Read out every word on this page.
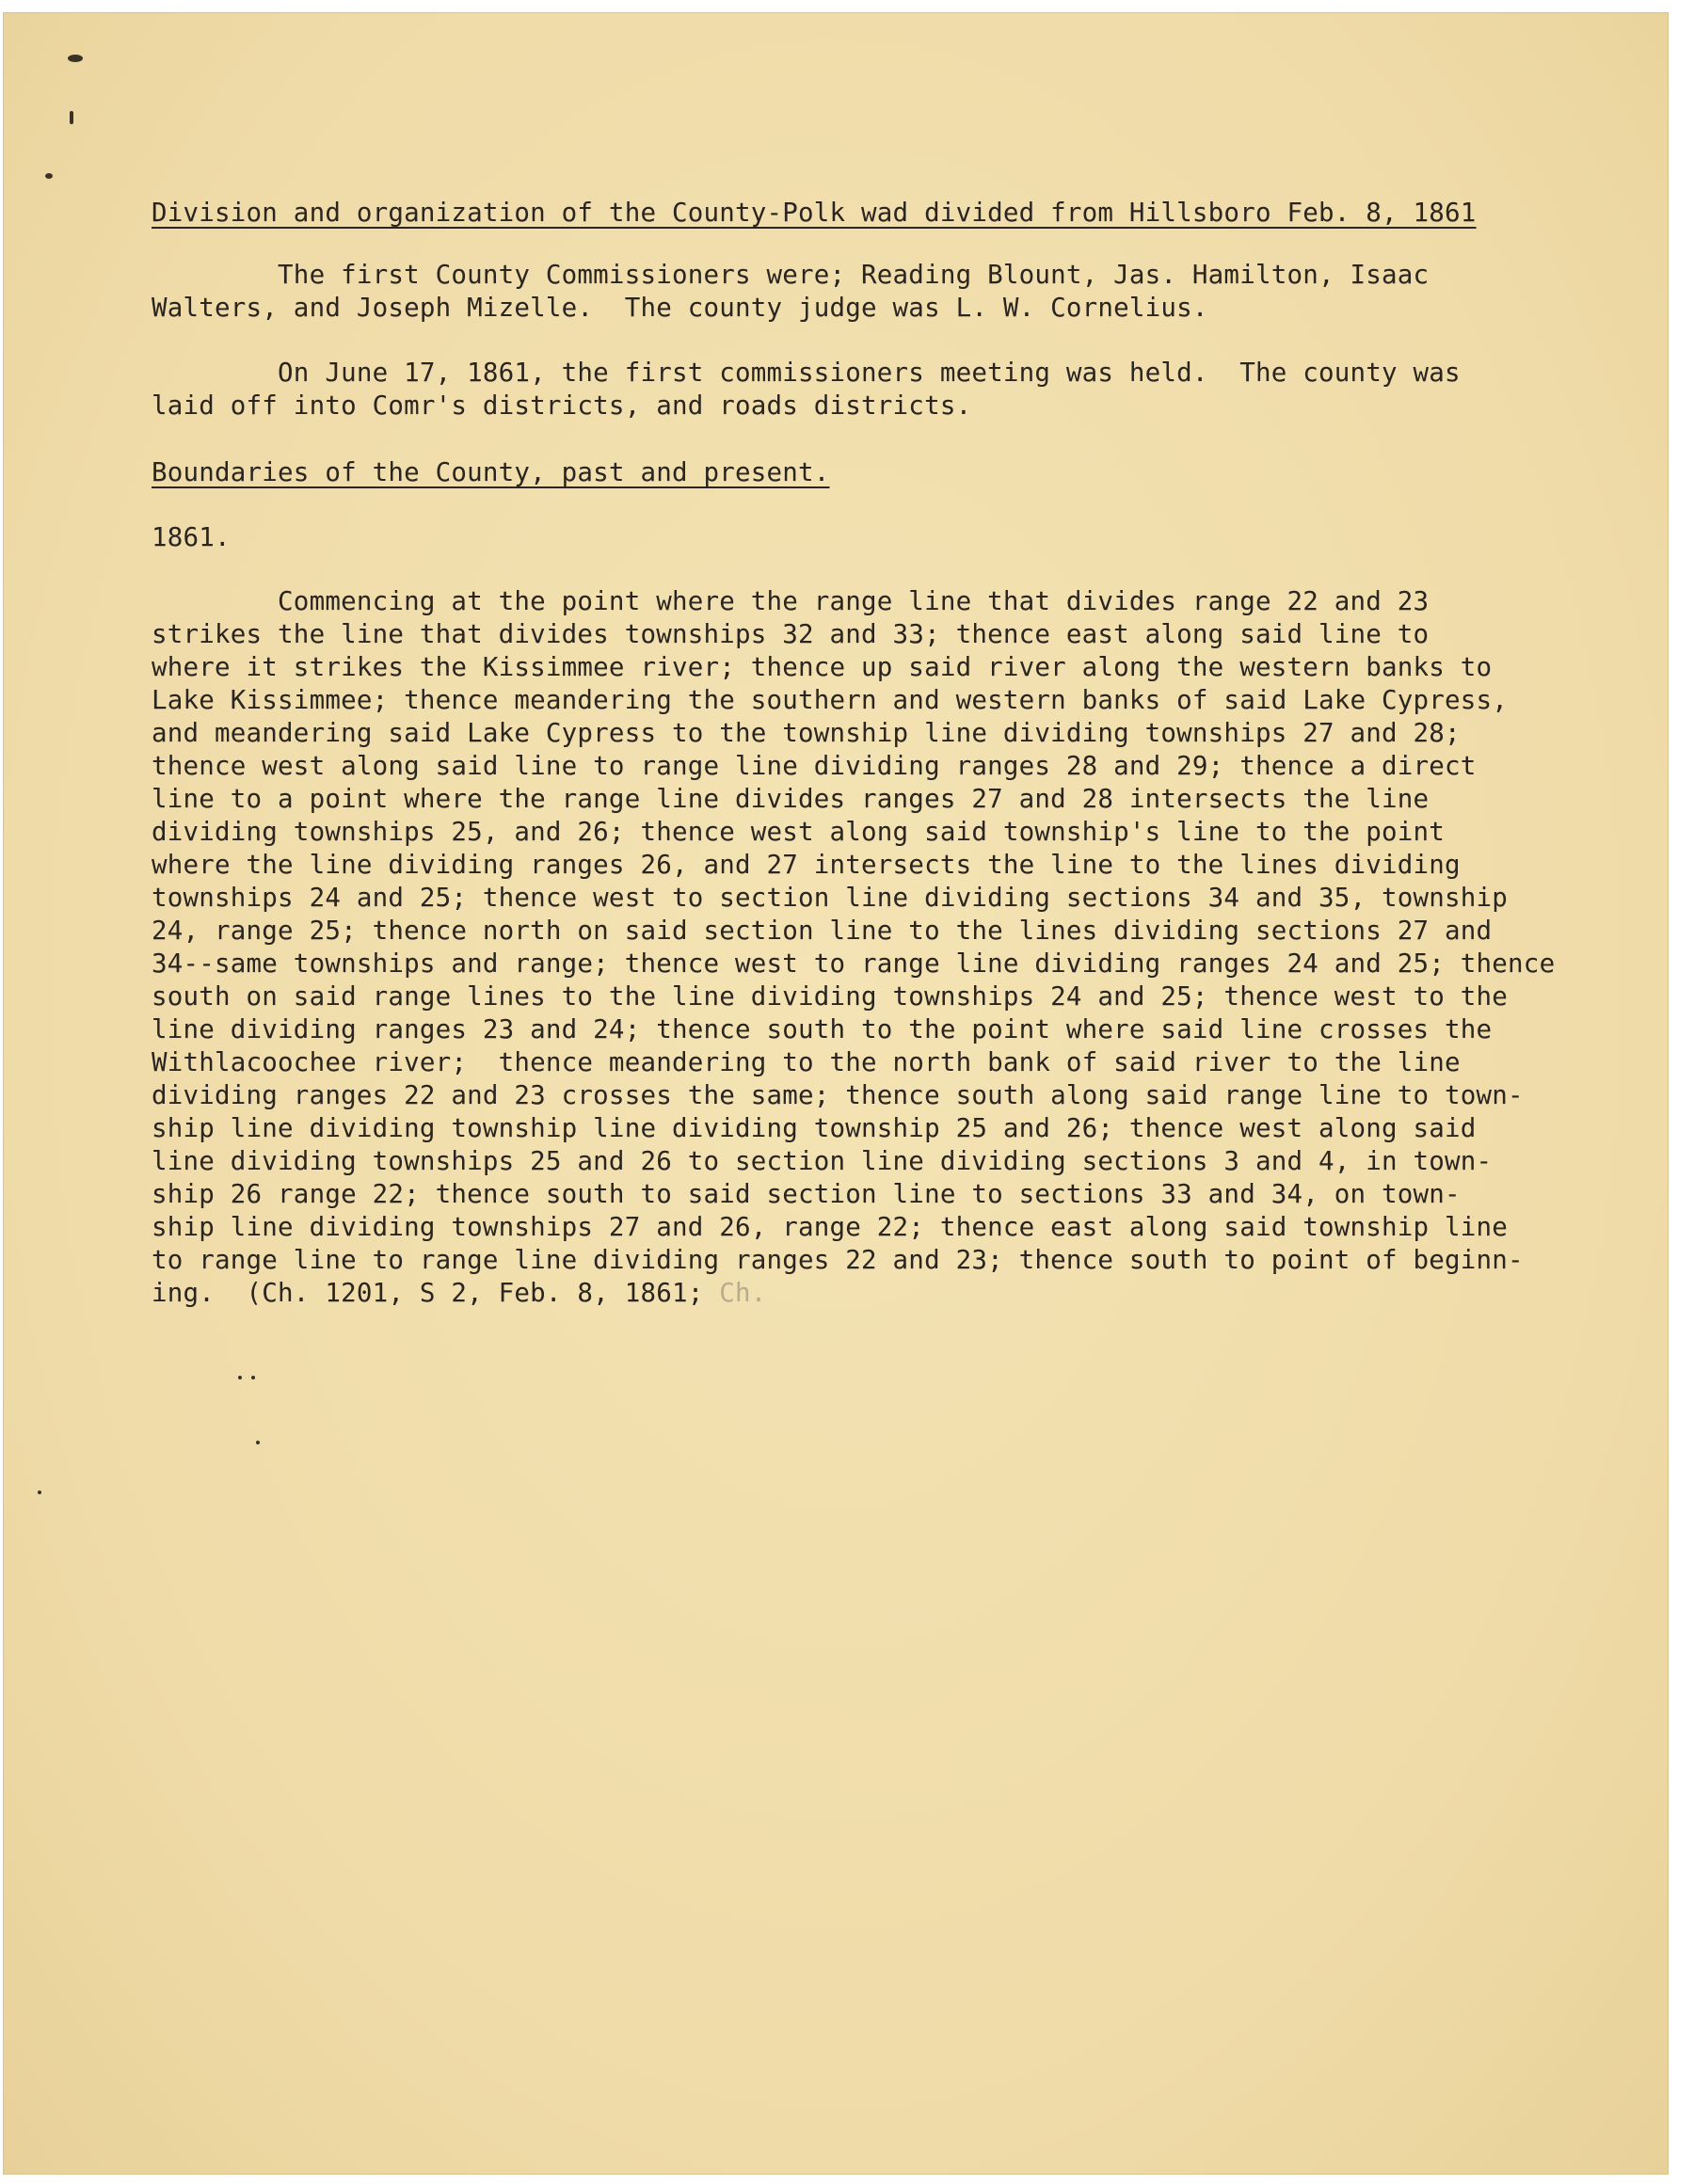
Division and organization of the County-Polk wad divided from Hillsboro Feb. 8, 1861
The first County Commissioners were; Reading Blount, Jas. Hamilton, Isaac
Walters, and Joseph Mizelle.  The county judge was L. W. Cornelius.
On June 17, 1861, the first commissioners meeting was held.  The county was
laid off into Comr's districts, and roads districts.
Boundaries of the County, past and present.
1861.
Commencing at the point where the range line that divides range 22 and 23
strikes the line that divides townships 32 and 33; thence east along said line to
where it strikes the Kissimmee river; thence up said river along the western banks to
Lake Kissimmee; thence meandering the southern and western banks of said Lake Cypress,
and meandering said Lake Cypress to the township line dividing townships 27 and 28;
thence west along said line to range line dividing ranges 28 and 29; thence a direct
line to a point where the range line divides ranges 27 and 28 intersects the line
dividing townships 25, and 26; thence west along said township's line to the point
where the line dividing ranges 26, and 27 intersects the line to the lines dividing
townships 24 and 25; thence west to section line dividing sections 34 and 35, township
24, range 25; thence north on said section line to the lines dividing sections 27 and
34--same townships and range; thence west to range line dividing ranges 24 and 25; thence
south on said range lines to the line dividing townships 24 and 25; thence west to the
line dividing ranges 23 and 24; thence south to the point where said line crosses the
Withlacoochee river;  thence meandering to the north bank of said river to the line
dividing ranges 22 and 23 crosses the same; thence south along said range line to town-
ship line dividing township line dividing township 25 and 26; thence west along said
line dividing townships 25 and 26 to section line dividing sections 3 and 4, in town-
ship 26 range 22; thence south to said section line to sections 33 and 34, on town-
ship line dividing townships 27 and 26, range 22; thence east along said township line
to range line to range line dividing ranges 22 and 23; thence south to point of beginn-
ing.  (Ch. 1201, S 2, Feb. 8, 1861; Ch.
